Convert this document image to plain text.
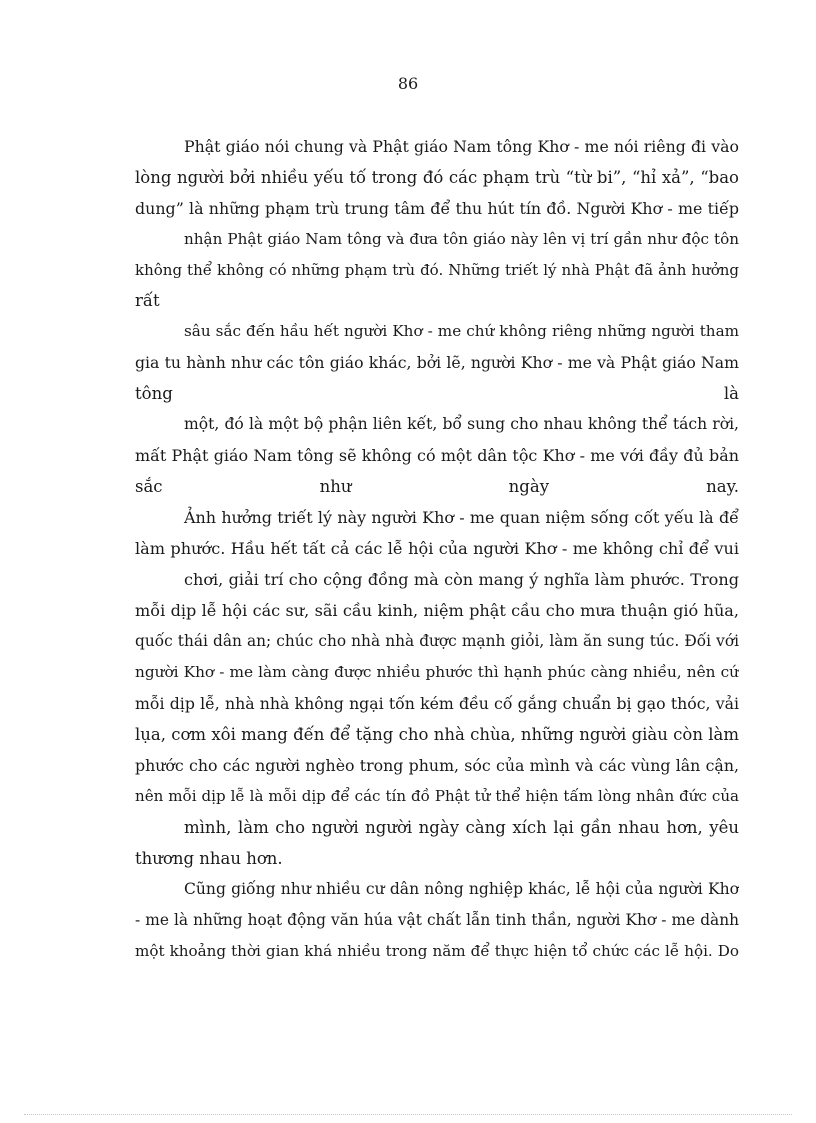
86
Phật giáo nói chung và Phật giáo Nam tông Khơ - me nói riêng đi vào
lòng người bởi nhiều yếu tố trong đó các phạm trù “từ bi”, “hỉ xả”, “bao
dung” là những phạm trù trung tâm để thu hút tín đồ. Người Khơ - me tiếp
nhận Phật giáo Nam tông và đưa tôn giáo này lên vị trí gần như độc tôn
không thể không có những phạm trù đó. Những triết lý nhà Phật đã ảnh hưởng
rất
sâu sắc đến hầu hết người Khơ - me chứ không riêng những người tham
gia tu hành như các tôn giáo khác, bởi lẽ, người Khơ - me và Phật giáo Nam
tông là
một, đó là một bộ phận liên kết, bổ sung cho nhau không thể tách rời,
mất Phật giáo Nam tông sẽ không có một dân tộc Khơ - me với đầy đủ bản
sắc như ngày nay.
Ảnh hưởng triết lý này người Khơ - me quan niệm sống cốt yếu là để
làm phước. Hầu hết tất cả các lễ hội của người Khơ - me không chỉ để vui
chơi, giải trí cho cộng đồng mà còn mang ý nghĩa làm phước. Trong
mỗi dịp lễ hội các sư, sãi cầu kinh, niệm phật cầu cho mưa thuận gió hũa,
quốc thái dân an; chúc cho nhà nhà được mạnh giỏi, làm ăn sung túc. Đối với
người Khơ - me làm càng được nhiều phước thì hạnh phúc càng nhiều, nên cứ
mỗi dịp lễ, nhà nhà không ngại tốn kém đều cố gắng chuẩn bị gạo thóc, vải
lụa, cơm xôi mang đến để tặng cho nhà chùa, những người giàu còn làm
phước cho các người nghèo trong phum, sóc của mình và các vùng lân cận,
nên mỗi dịp lễ là mỗi dịp để các tín đồ Phật tử thể hiện tấm lòng nhân đức của
mình, làm cho người người ngày càng xích lại gần nhau hơn, yêu
thương nhau hơn.
Cũng giống như nhiều cư dân nông nghiệp khác, lễ hội của người Khơ
- me là những hoạt động văn húa vật chất lẫn tinh thần, người Khơ - me dành
một khoảng thời gian khá nhiều trong năm để thực hiện tổ chức các lễ hội. Do
